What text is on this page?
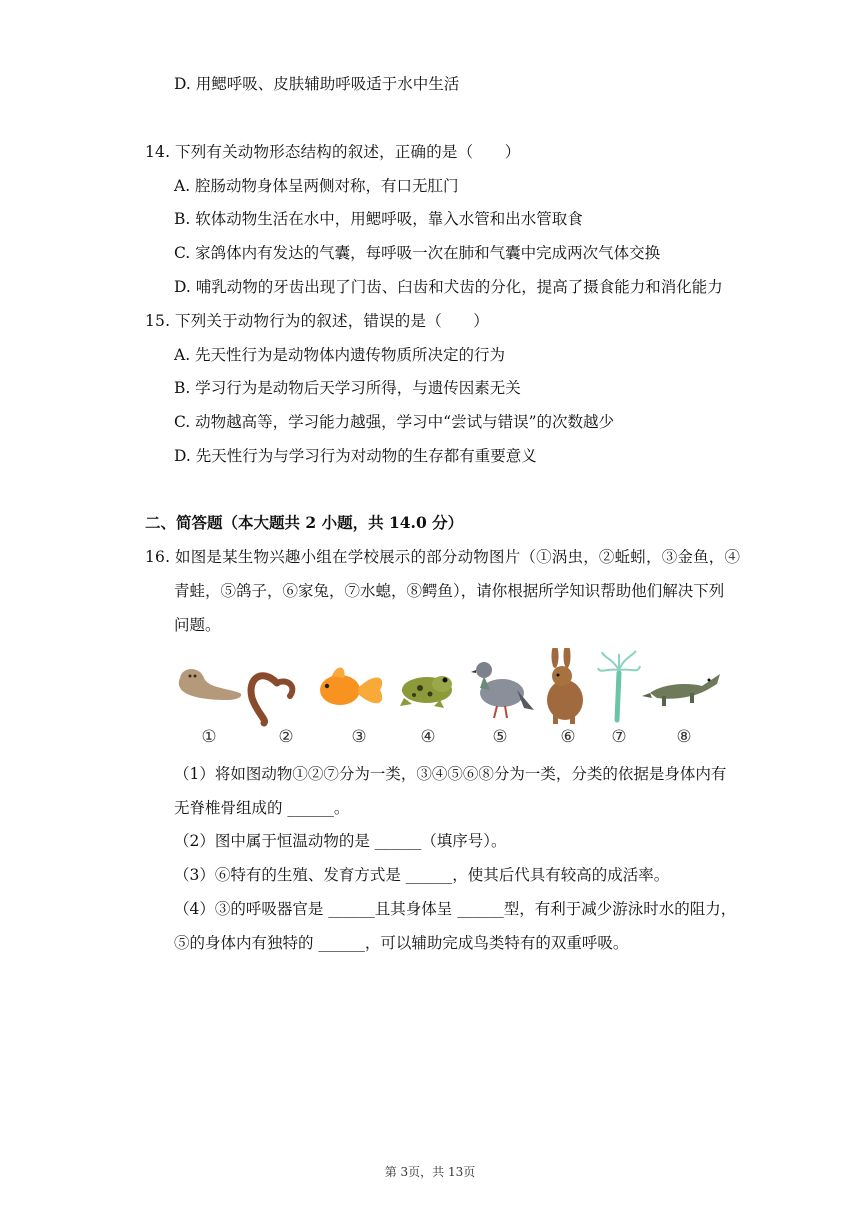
D. 用鳃呼吸、皮肤辅助呼吸适于水中生活
14. 下列有关动物形态结构的叙述，正确的是（　　）
A. 腔肠动物身体呈两侧对称，有口无肛门
B. 软体动物生活在水中，用鳃呼吸，靠入水管和出水管取食
C. 家鸽体内有发达的气囊，每呼吸一次在肺和气囊中完成两次气体交换
D. 哺乳动物的牙齿出现了门齿、臼齿和犬齿的分化，提高了摄食能力和消化能力
15. 下列关于动物行为的叙述，错误的是（　　）
A. 先天性行为是动物体内遗传物质所决定的行为
B. 学习行为是动物后天学习所得，与遗传因素无关
C. 动物越高等，学习能力越强，学习中“尝试与错误”的次数越少
D. 先天性行为与学习行为对动物的生存都有重要意义
二、简答题（本大题共 2 小题，共 14.0 分）
16. 如图是某生物兴趣小组在学校展示的部分动物图片（①涡虫，②蚯蚓，③金鱼，④
青蛙，⑤鸽子，⑥家兔，⑦水螅，⑧鳄鱼），请你根据所学知识帮助他们解决下列
问题。
①	②	③	④	⑤	⑥ ⑦	⑧
（1）将如图动物①②⑦分为一类，③④⑤⑥⑧分为一类，分类的依据是身体内有
无脊椎骨组成的 ______。
（2）图中属于恒温动物的是 ______（填序号）。
（3）⑥特有的生殖、发育方式是 ______，使其后代具有较高的成活率。
（4）③的呼吸器官是 ______且其身体呈 ______型，有利于减少游泳时水的阻力，
⑤的身体内有独特的 ______，可以辅助完成鸟类特有的双重呼吸。
第 3页，共 13页
